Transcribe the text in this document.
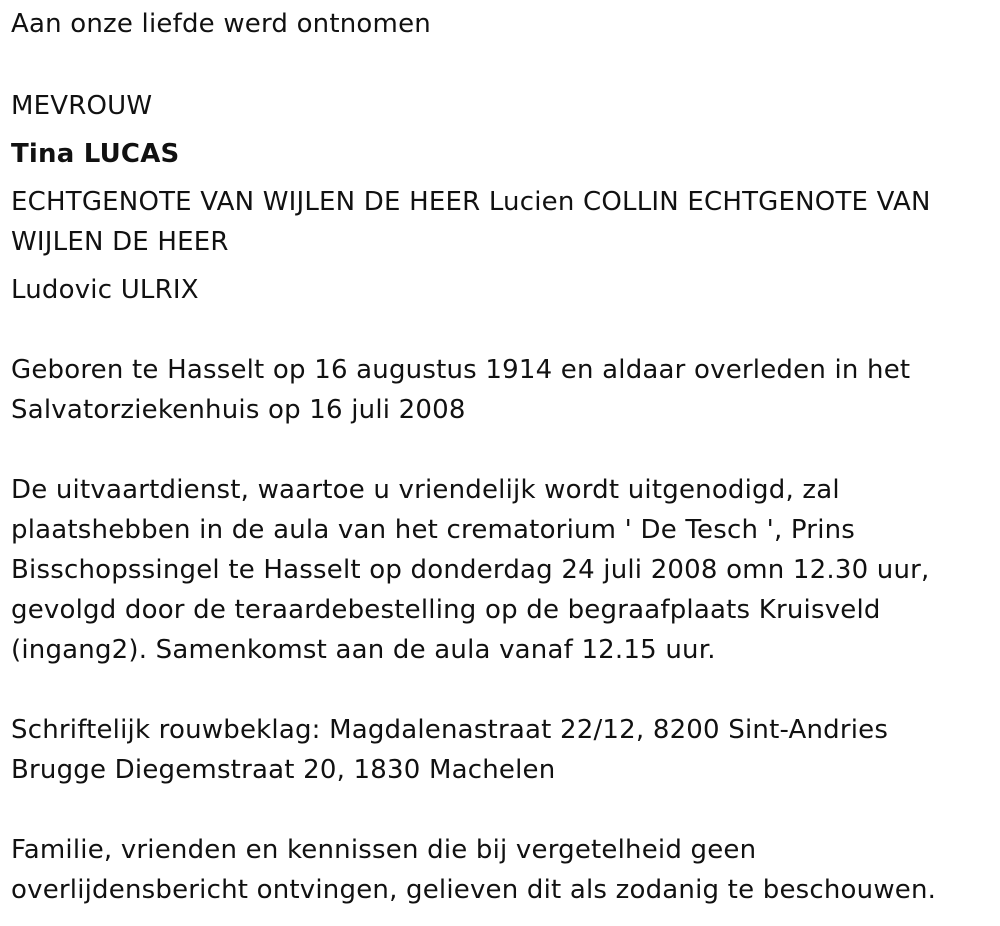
Aan onze liefde werd ontnomen
MEVROUW
Tina LUCAS
ECHTGENOTE VAN WIJLEN DE HEER Lucien COLLIN ECHTGENOTE VAN
WIJLEN DE HEER
Ludovic ULRIX
Geboren te Hasselt op 16 augustus 1914 en aldaar overleden in het
Salvatorziekenhuis op 16 juli 2008
De uitvaartdienst, waartoe u vriendelijk wordt uitgenodigd, zal
plaatshebben in de aula van het crematorium ' De Tesch ', Prins
Bisschopssingel te Hasselt op donderdag 24 juli 2008 omn 12.30 uur,
gevolgd door de teraardebestelling op de begraafplaats Kruisveld
(ingang2). Samenkomst aan de aula vanaf 12.15 uur.
Schriftelijk rouwbeklag: Magdalenastraat 22/12, 8200 Sint-Andries
Brugge Diegemstraat 20, 1830 Machelen
Familie, vrienden en kennissen die bij vergetelheid geen
overlijdensbericht ontvingen, gelieven dit als zodanig te beschouwen.
